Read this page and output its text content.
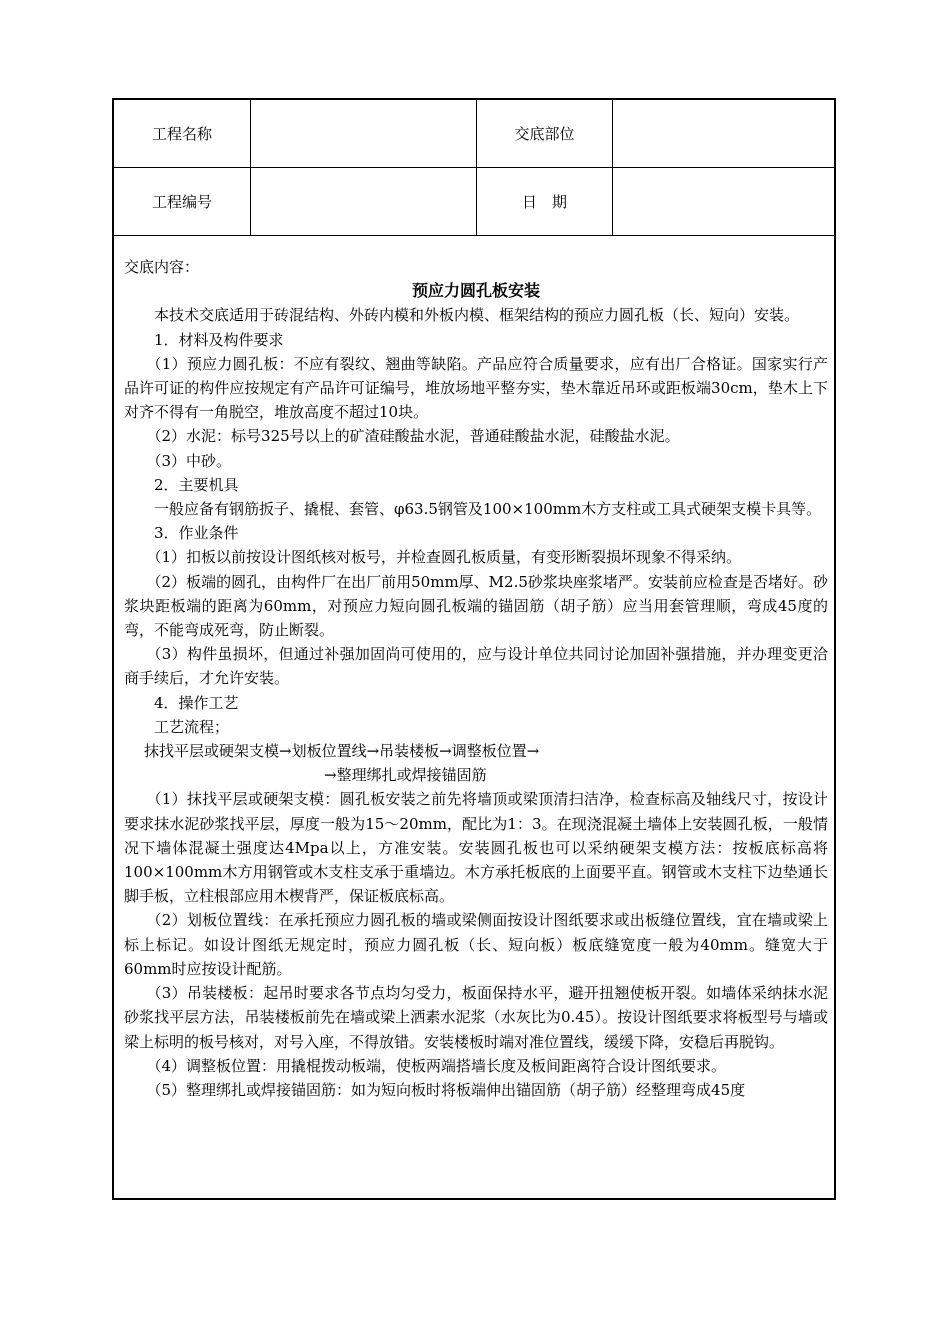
工程名称	交底部位
工程编号	日　期

交底内容：

预应力圆孔板安装

本技术交底适用于砖混结构、外砖内模和外板内模、框架结构的预应力圆孔板（长、短向）安装。

1．材料及构件要求

（1）预应力圆孔板：不应有裂纹、翘曲等缺陷。产品应符合质量要求，应有出厂合格证。国家实行产品许可证的构件应按规定有产品许可证编号，堆放场地平整夯实，垫木靠近吊环或距板端30cm，垫木上下对齐不得有一角脱空，堆放高度不超过10块。

（2）水泥：标号325号以上的矿渣硅酸盐水泥，普通硅酸盐水泥，硅酸盐水泥。

（3）中砂。

2．主要机具

一般应备有钢筋扳子、撬棍、套管、φ63.5钢管及100×100mm木方支柱或工具式硬架支模卡具等。

3．作业条件

（1）扣板以前按设计图纸核对板号，并检查圆孔板质量，有变形断裂损坏现象不得采纳。

（2）板端的圆孔，由构件厂在出厂前用50mm厚、M2.5砂浆块座浆堵严。安装前应检查是否堵好。砂浆块距板端的距离为60mm，对预应力短向圆孔板端的锚固筋（胡子筋）应当用套管理顺，弯成45度的弯，不能弯成死弯，防止断裂。

（3）构件虽损坏，但通过补强加固尚可使用的，应与设计单位共同讨论加固补强措施，并办理变更洽商手续后，才允许安装。

4．操作工艺

工艺流程；

抹找平层或硬架支模→划板位置线→吊装楼板→调整板位置→

→整理绑扎或焊接锚固筋

（1）抹找平层或硬架支模：圆孔板安装之前先将墙顶或梁顶清扫洁净，检查标高及轴线尺寸，按设计要求抹水泥砂浆找平层，厚度一般为15～20mm，配比为1：3。在现浇混凝土墙体上安装圆孔板，一般情况下墙体混凝土强度达4Mpa以上，方准安装。安装圆孔板也可以采纳硬架支模方法：按板底标高将100×100mm木方用钢管或木支柱支承于重墙边。木方承托板底的上面要平直。钢管或木支柱下边垫通长脚手板，立柱根部应用木楔背严，保证板底标高。

（2）划板位置线：在承托预应力圆孔板的墙或梁侧面按设计图纸要求或出板缝位置线，宜在墙或梁上标上标记。如设计图纸无规定时，预应力圆孔板（长、短向板）板底缝宽度一般为40mm。缝宽大于60mm时应按设计配筋。

（3）吊装楼板：起吊时要求各节点均匀受力，板面保持水平，避开扭翘使板开裂。如墙体采纳抹水泥砂浆找平层方法，吊装楼板前先在墙或梁上洒素水泥浆（水灰比为0.45）。按设计图纸要求将板型号与墙或梁上标明的板号核对，对号入座，不得放错。安装楼板时端对准位置线，缓缓下降，安稳后再脱钩。

（4）调整板位置：用撬棍拨动板端，使板两端搭墙长度及板间距离符合设计图纸要求。

（5）整理绑扎或焊接锚固筋：如为短向板时将板端伸出锚固筋（胡子筋）经整理弯成45度
